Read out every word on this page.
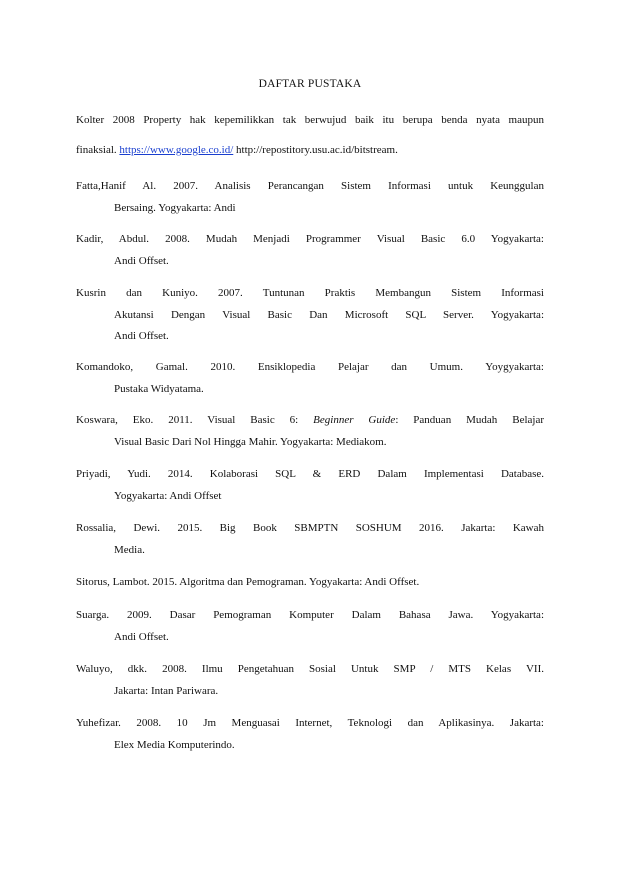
DAFTAR PUSTAKA
Kolter 2008 Property hak kepemilikkan tak berwujud baik itu berupa benda nyata maupun
finaksial. https://www.google.co.id/ http://repostitory.usu.ac.id/bitstream.
Fatta,Hanif Al. 2007. Analisis Perancangan Sistem Informasi untuk Keunggulan
Bersaing. Yogyakarta: Andi
Kadir, Abdul. 2008. Mudah Menjadi Programmer Visual Basic 6.0 Yogyakarta:
Andi Offset.
Kusrin dan Kuniyo. 2007. Tuntunan Praktis Membangun Sistem Informasi
Akutansi Dengan Visual Basic Dan Microsoft SQL Server. Yogyakarta:
Andi Offset.
Komandoko, Gamal. 2010. Ensiklopedia Pelajar dan Umum. Yoygyakarta:
Pustaka Widyatama.
Koswara, Eko. 2011. Visual Basic 6: Beginner Guide: Panduan Mudah Belajar
Visual Basic Dari Nol Hingga Mahir. Yogyakarta: Mediakom.
Priyadi, Yudi. 2014. Kolaborasi SQL & ERD Dalam Implementasi Database.
Yogyakarta: Andi Offset
Rossalia, Dewi. 2015. Big Book SBMPTN SOSHUM 2016. Jakarta: Kawah
Media.
Sitorus, Lambot. 2015. Algoritma dan Pemograman. Yogyakarta: Andi Offset.
Suarga. 2009. Dasar Pemograman Komputer Dalam Bahasa Jawa. Yogyakarta:
Andi Offset.
Waluyo, dkk. 2008. Ilmu Pengetahuan Sosial Untuk SMP / MTS Kelas VII.
Jakarta: Intan Pariwara.
Yuhefizar. 2008. 10 Jm Menguasai Internet, Teknologi dan Aplikasinya. Jakarta:
Elex Media Komputerindo.
